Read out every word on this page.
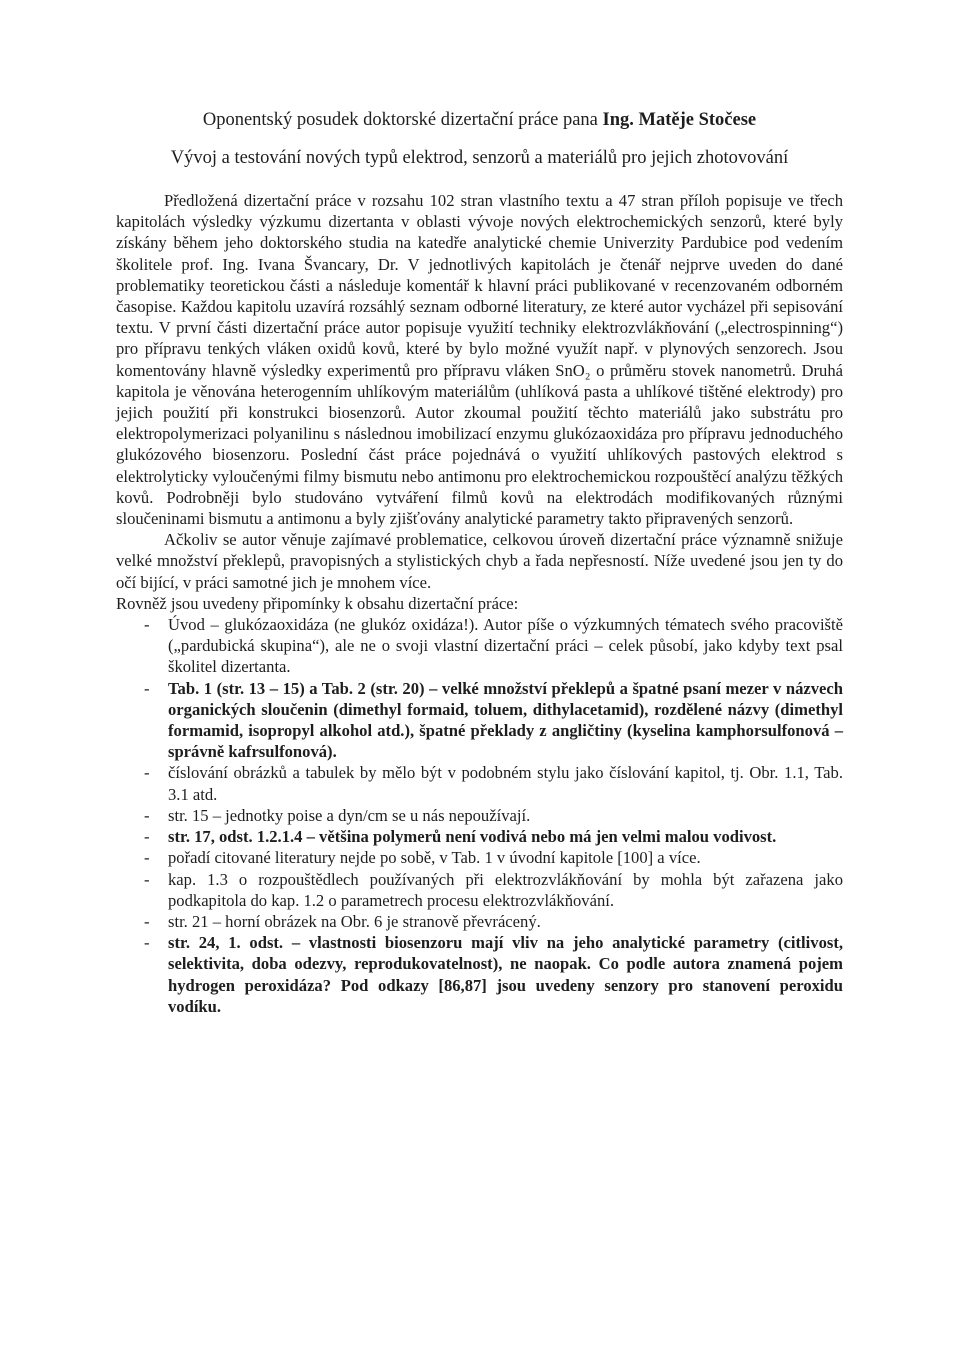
Oponentský posudek doktorské dizertační práce pana Ing. Matěje Stočese
Vývoj a testování nových typů elektrod, senzorů a materiálů pro jejich zhotovování

Předložená dizertační práce v rozsahu 102 stran vlastního textu a 47 stran příloh popisuje ve třech kapitolách výsledky výzkumu dizertanta v oblasti vývoje nových elektrochemických senzorů, které byly získány během jeho doktorského studia na katedře analytické chemie Univerzity Pardubice pod vedením školitele prof. Ing. Ivana Švancary, Dr. V jednotlivých kapitolách je čtenář nejprve uveden do dané problematiky teoretickou části a následuje komentář k hlavní práci publikované v recenzovaném odborném časopise. Každou kapitolu uzavírá rozsáhlý seznam odborné literatury, ze které autor vycházel při sepisování textu. V první části dizertační práce autor popisuje využití techniky elektrozvlákňování („electrospinning“) pro přípravu tenkých vláken oxidů kovů, které by bylo možné využít např. v plynových senzorech. Jsou komentovány hlavně výsledky experimentů pro přípravu vláken SnO₂ o průměru stovek nanometrů. Druhá kapitola je věnována heterogenním uhlíkovým materiálům (uhlíková pasta a uhlíkové tištěné elektrody) pro jejich použití při konstrukci biosenzorů. Autor zkoumal použití těchto materiálů jako substrátu pro elektropolymerizaci polyanilinu s následnou imobilizací enzymu glukózaoxidáza pro přípravu jednoduchého glukózového biosenzoru. Poslední část práce pojednává o využití uhlíkových pastových elektrod s elektrolyticky vyloučenými filmy bismutu nebo antimonu pro elektrochemickou rozpouštěcí analýzu těžkých kovů. Podrobněji bylo studováno vytváření filmů kovů na elektrodách modifikovaných různými sloučeninami bismutu a antimonu a byly zjišťovány analytické parametry takto připravených senzorů.

Ačkoliv se autor věnuje zajímavé problematice, celkovou úroveň dizertační práce významně snižuje velké množství překlepů, pravopisných a stylistických chyb a řada nepřesností. Níže uvedené jsou jen ty do očí bijící, v práci samotné jich je mnohem více.

Rovněž jsou uvedeny připomínky k obsahu dizertační práce:

- Úvod – glukózaoxidáza (ne glukóz oxidáza!). Autor píše o výzkumných tématech svého pracoviště („pardubická skupina“), ale ne o svoji vlastní dizertační práci – celek působí, jako kdyby text psal školitel dizertanta.
- Tab. 1 (str. 13 – 15) a Tab. 2 (str. 20) – velké množství překlepů a špatné psaní mezer v názvech organických sloučenin (dimethyl formaid, toluem, dithylacetamid), rozdělené názvy (dimethyl formamid, isopropyl alkohol atd.), špatné překlady z angličtiny (kyselina kamphorsulfonová – správně kafrsulfonová).
- číslování obrázků a tabulek by mělo být v podobném stylu jako číslování kapitol, tj. Obr. 1.1, Tab. 3.1 atd.
- str. 15 – jednotky poise a dyn/cm se u nás nepoužívají.
- str. 17, odst. 1.2.1.4 – většina polymerů není vodivá nebo má jen velmi malou vodivost.
- pořadí citované literatury nejde po sobě, v Tab. 1 v úvodní kapitole [100] a více.
- kap. 1.3 o rozpouštědlech používaných při elektrozvlákňování by mohla být zařazena jako podkapitola do kap. 1.2 o parametrech procesu elektrozvlákňování.
- str. 21 – horní obrázek na Obr. 6 je stranově převrácený.
- str. 24, 1. odst. – vlastnosti biosenzoru mají vliv na jeho analytické parametry (citlivost, selektivita, doba odezvy, reprodukovatelnost), ne naopak. Co podle autora znamená pojem hydrogen peroxidáza? Pod odkazy [86,87] jsou uvedeny senzory pro stanovení peroxidu vodíku.
